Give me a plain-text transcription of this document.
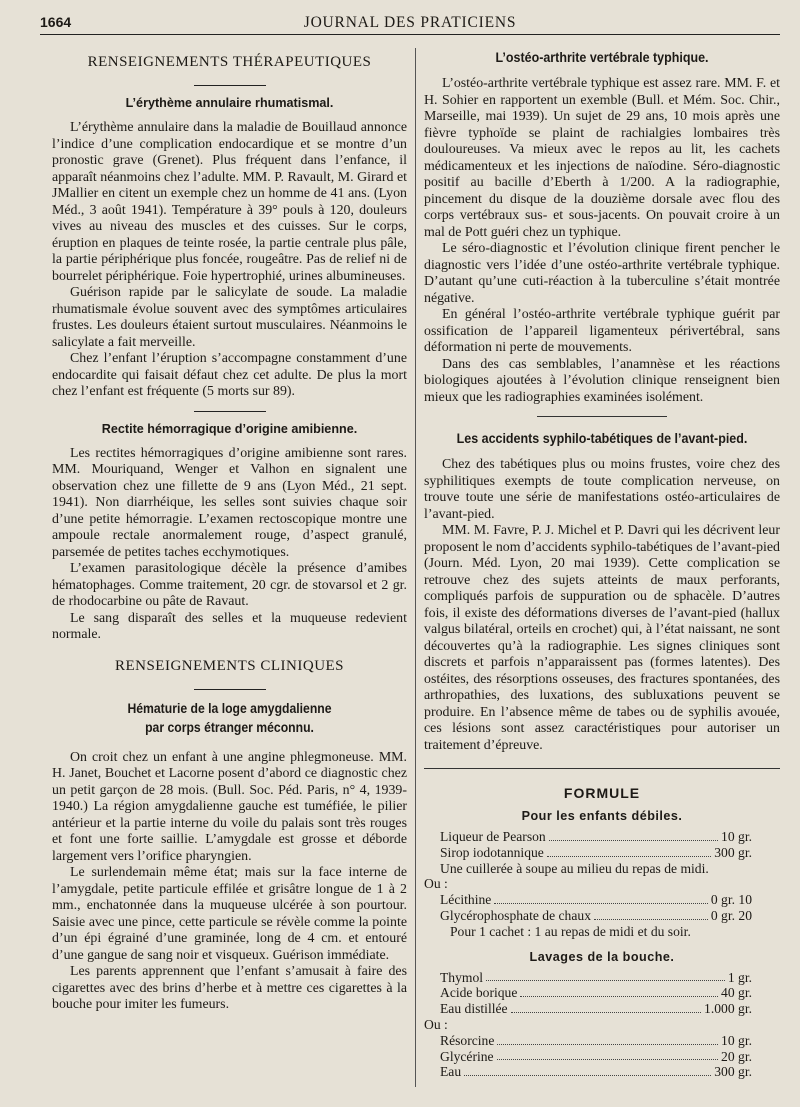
1664	JOURNAL DES PRATICIENS
RENSEIGNEMENTS THÉRAPEUTIQUES
L’érythème annulaire rhumatismal.

L’érythème annulaire dans la maladie de Bouillaud annonce l’indice d’une complication endocardique et se montre d’un pronostic grave (Grenet). Plus fréquent dans l’enfance, il apparaît néanmoins chez l’adulte. MM. P. Ravault, M. Girard et JMallier en citent un exemple chez un homme de 41 ans. (Lyon Méd., 3 août 1941). Température à 39° pouls à 120, douleurs vives au niveau des muscles et des cuisses. Sur le corps, éruption en plaques de teinte rosée, la partie centrale plus pâle, la partie périphérique plus foncée, rougeâtre. Pas de relief ni de bourrelet périphérique. Foie hypertrophié, urines albumineuses.

Guérison rapide par le salicylate de soude. La maladie rhumatismale évolue souvent avec des symptômes articulaires frustes. Les douleurs étaient surtout musculaires. Néanmoins le salicylate a fait merveille.

Chez l’enfant l’éruption s’accompagne constamment d’une endocardite qui faisait défaut chez cet adulte. De plus la mort chez l’enfant est fréquente (5 morts sur 89).

Rectite hémorragique d’origine amibienne.

Les rectites hémorragiques d’origine amibienne sont rares. MM. Mouriquand, Wenger et Valhon en signalent une observation chez une fillette de 9 ans (Lyon Méd., 21 sept. 1941). Non diarrhéique, les selles sont suivies chaque soir d’une petite hémorragie. L’examen rectoscopique montre une ampoule rectale anormalement rouge, d’aspect granulé, parsemée de petites taches ecchymotiques.

L’examen parasitologique décèle la présence d’amibes hématophages. Comme traitement, 20 cgr. de stovarsol et 2 gr. de rhodocarbine ou pâte de Ravaut.

Le sang disparaît des selles et la muqueuse redevient normale.

RENSEIGNEMENTS CLINIQUES
Hématurie de la loge amygdalienne
par corps étranger méconnu.

On croit chez un enfant à une angine phlegmoneuse. MM. H. Janet, Bouchet et Lacorne posent d’abord ce diagnostic chez un petit garçon de 28 mois. (Bull. Soc. Péd. Paris, n° 4, 1939-1940.) La région amygdalienne gauche est tuméfiée, le pilier antérieur et la partie interne du voile du palais sont très rouges et font une forte saillie. L’amygdale est grosse et déborde largement vers l’orifice pharyngien.

Le surlendemain même état; mais sur la face interne de l’amygdale, petite particule effilée et grisâtre longue de 1 à 2 mm., enchatonnée dans la muqueuse ulcérée à son pourtour. Saisie avec une pince, cette particule se révèle comme la pointe d’un épi égrainé d’une graminée, long de 4 cm. et entouré d’une gangue de sang noir et visqueux. Guérison immédiate.

Les parents apprennent que l’enfant s’amusait à faire des cigarettes avec des brins d’herbe et à mettre ces cigarettes à la bouche pour imiter les fumeurs.

L’ostéo-arthrite vertébrale typhique.

L’ostéo-arthrite vertébrale typhique est assez rare. MM. F. et H. Sohier en rapportent un exemble (Bull. et Mém. Soc. Chir., Marseille, mai 1939). Un sujet de 29 ans, 10 mois après une fièvre typhoïde se plaint de rachialgies lombaires très douloureuses. Va mieux avec le repos au lit, les cachets médicamenteux et les injections de naïodine. Séro-diagnostic positif au bacille d’Eberth à 1/200. A la radiographie, pincement du disque de la douzième dorsale avec flou des corps vertébraux sus- et sous-jacents. On pouvait croire à un mal de Pott guéri chez un typhique.

Le séro-diagnostic et l’évolution clinique firent pencher le diagnostic vers l’idée d’une ostéo-arthrite vertébrale typhique. D’autant qu’une cuti-réaction à la tuberculine s’était montrée négative.

En général l’ostéo-arthrite vertébrale typhique guérit par ossification de l’appareil ligamenteux périvertébral, sans déformation ni perte de mouvements.

Dans des cas semblables, l’anamnèse et les réactions biologiques ajoutées à l’évolution clinique renseignent bien mieux que les radiographies examinées isolément.

Les accidents syphilo-tabétiques de l’avant-pied.

Chez des tabétiques plus ou moins frustes, voire chez des syphilitiques exempts de toute complication nerveuse, on trouve toute une série de manifestations ostéo-articulaires de l’avant-pied.

MM. M. Favre, P. J. Michel et P. Davri qui les décrivent leur proposent le nom d’accidents syphilo-tabétiques de l’avant-pied (Journ. Méd. Lyon, 20 mai 1939). Cette complication se retrouve chez des sujets atteints de maux perforants, compliqués parfois de suppuration ou de sphacèle. D’autres fois, il existe des déformations diverses de l’avant-pied (hallux valgus bilatéral, orteils en crochet) qui, à l’état naissant, ne sont découvertes qu’à la radiographie. Les signes cliniques sont discrets et parfois n’apparaissent pas (formes latentes). Des ostéites, des résorptions osseuses, des fractures spontanées, des arthropathies, des luxations, des subluxations peuvent se produire. En l’absence même de tabes ou de syphilis avouée, ces lésions sont assez caractéristiques pour autoriser un traitement d’épreuve.

FORMULE
Pour les enfants débiles.
Liqueur de Pearson	10 gr.
Sirop iodotannique	300 gr.
Une cuillerée à soupe au milieu du repas de midi.
Ou :
Lécithine	0 gr. 10
Glycérophosphate de chaux	0 gr. 20
Pour 1 cachet : 1 au repas de midi et du soir.
Lavages de la bouche.
Thymol	1 gr.
Acide borique	40 gr.
Eau distillée	1.000 gr.
Ou :
Résorcine	10 gr.
Glycérine	20 gr.
Eau	300 gr.
